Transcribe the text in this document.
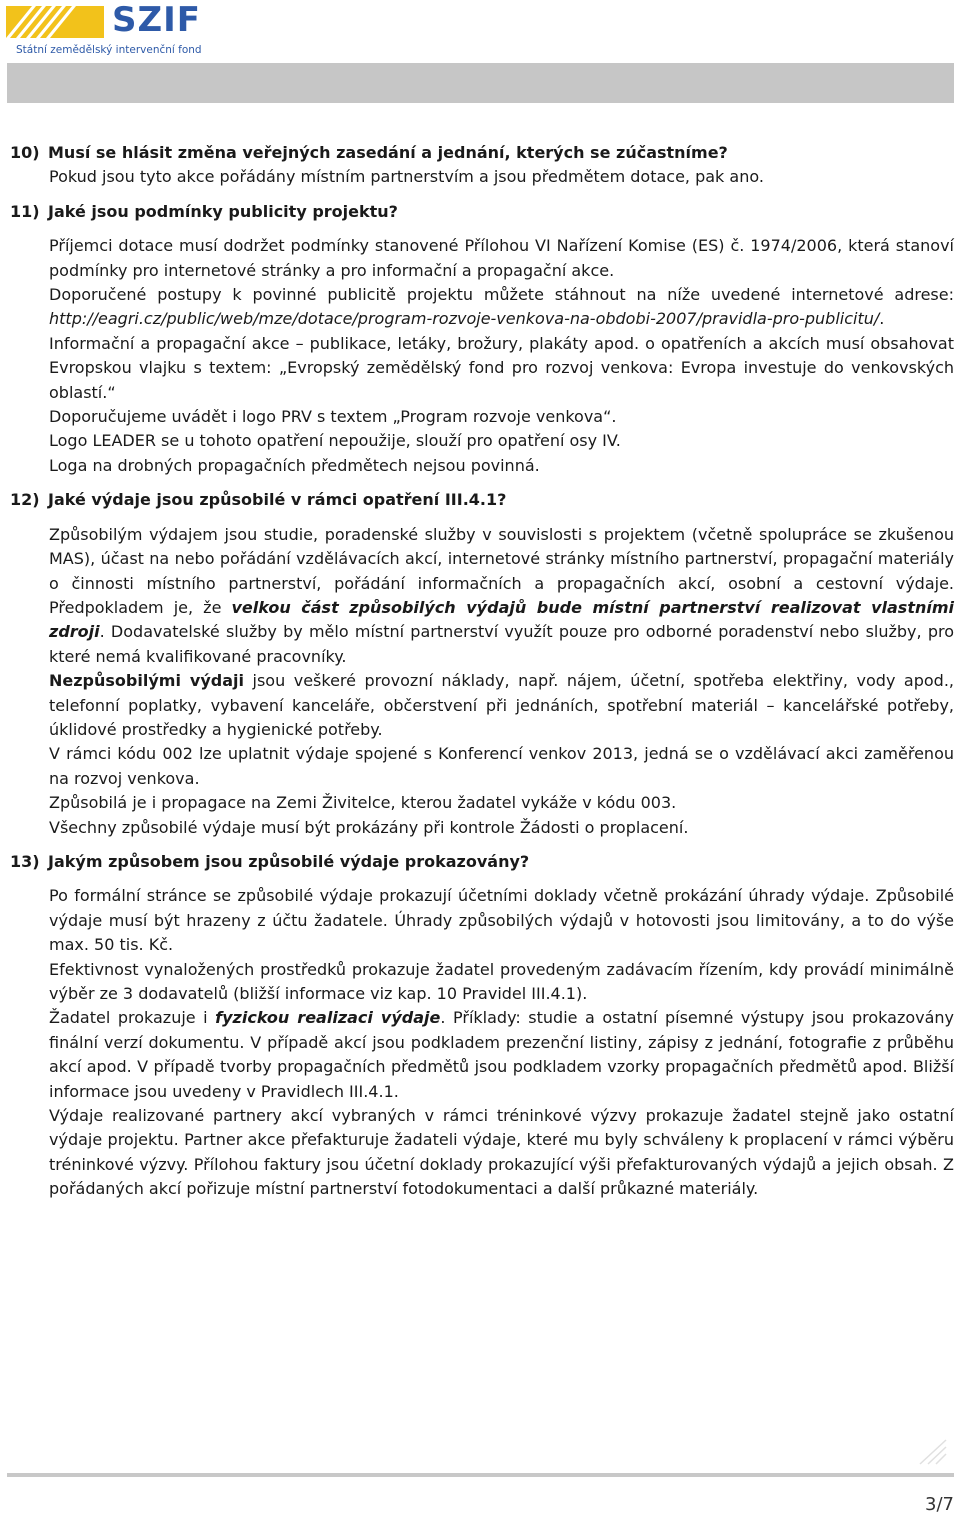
SZIF
Státní zemědělský intervenční fond
10) Musí se hlásit změna veřejných zasedání a jednání, kterých se zúčastníme?
Pokud jsou tyto akce pořádány místním partnerstvím a jsou předmětem dotace, pak ano.
11) Jaké jsou podmínky publicity projektu?
Příjemci dotace musí dodržet podmínky stanovené Přílohou VI Nařízení Komise (ES) č. 1974/2006, která stanoví podmínky pro internetové stránky a pro informační a propagační akce.
Doporučené postupy k povinné publicitě projektu můžete stáhnout na níže uvedené internetové adrese: http://eagri.cz/public/web/mze/dotace/program-rozvoje-venkova-na-obdobi-2007/pravidla-pro-publicitu/.
Informační a propagační akce – publikace, letáky, brožury, plakáty apod. o opatřeních a akcích musí obsahovat Evropskou vlajku s textem: „Evropský zemědělský fond pro rozvoj venkova: Evropa investuje do venkovských oblastí.“
Doporučujeme uvádět i logo PRV s textem „Program rozvoje venkova“.
Logo LEADER se u tohoto opatření nepoužije, slouží pro opatření osy IV.
Loga na drobných propagačních předmětech nejsou povinná.
12) Jaké výdaje jsou způsobilé v rámci opatření III.4.1?
Způsobilým výdajem jsou studie, poradenské služby v souvislosti s projektem (včetně spolupráce se zkušenou MAS), účast na nebo pořádání vzdělávacích akcí, internetové stránky místního partnerství, propagační materiály o činnosti místního partnerství, pořádání informačních a propagačních akcí, osobní a cestovní výdaje. Předpokladem je, že velkou část způsobilých výdajů bude místní partnerství realizovat vlastními zdroji. Dodavatelské služby by mělo místní partnerství využít pouze pro odborné poradenství nebo služby, pro které nemá kvalifikované pracovníky.
Nezpůsobilými výdaji jsou veškeré provozní náklady, např. nájem, účetní, spotřeba elektřiny, vody apod., telefonní poplatky, vybavení kanceláře, občerstvení při jednáních, spotřební materiál – kancelářské potřeby, úklidové prostředky a hygienické potřeby.
V rámci kódu 002 lze uplatnit výdaje spojené s Konferencí venkov 2013, jedná se o vzdělávací akci zaměřenou na rozvoj venkova.
Způsobilá je i propagace na Zemi Živitelce, kterou žadatel vykáže v kódu 003.
Všechny způsobilé výdaje musí být prokázány při kontrole Žádosti o proplacení.
13) Jakým způsobem jsou způsobilé výdaje prokazovány?
Po formální stránce se způsobilé výdaje prokazují účetními doklady včetně prokázání úhrady výdaje. Způsobilé výdaje musí být hrazeny z účtu žadatele. Úhrady způsobilých výdajů v hotovosti jsou limitovány, a to do výše max. 50 tis. Kč.
Efektivnost vynaložených prostředků prokazuje žadatel provedeným zadávacím řízením, kdy provádí minimálně výběr ze 3 dodavatelů (bližší informace viz kap. 10 Pravidel III.4.1).
Žadatel prokazuje i fyzickou realizaci výdaje. Příklady: studie a ostatní písemné výstupy jsou prokazovány finální verzí dokumentu. V případě akcí jsou podkladem prezenční listiny, zápisy z jednání, fotografie z průběhu akcí apod. V případě tvorby propagačních předmětů jsou podkladem vzorky propagačních předmětů apod. Bližší informace jsou uvedeny v Pravidlech III.4.1.
Výdaje realizované partnery akcí vybraných v rámci tréninkové výzvy prokazuje žadatel stejně jako ostatní výdaje projektu. Partner akce přefakturuje žadateli výdaje, které mu byly schváleny k proplacení v rámci výběru tréninkové výzvy. Přílohou faktury jsou účetní doklady prokazující výši přefakturovaných výdajů a jejich obsah. Z pořádaných akcí pořizuje místní partnerství fotodokumentaci a další průkazné materiály.
3/7
